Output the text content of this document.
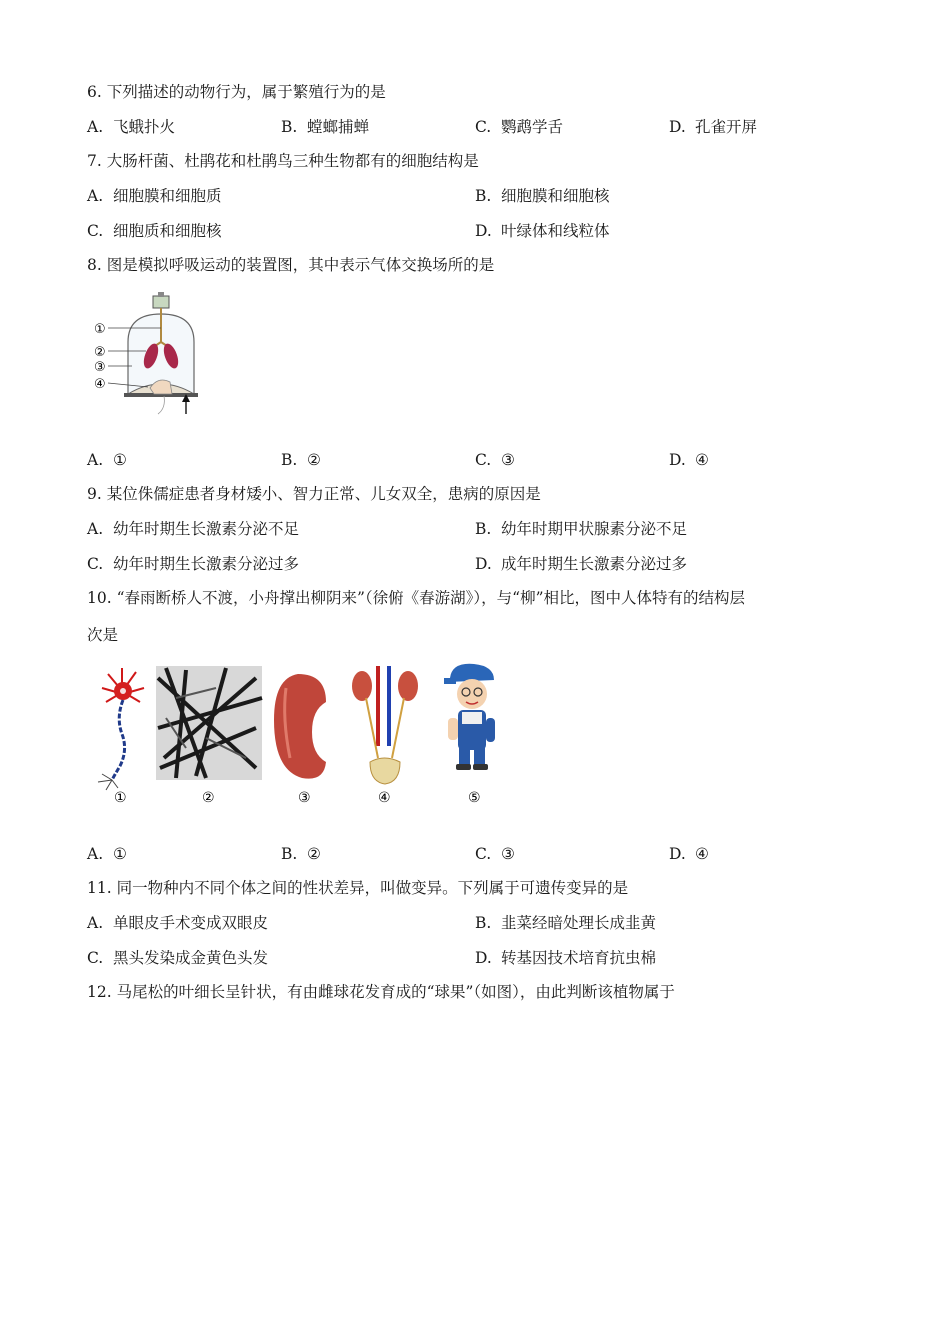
6. 下列描述的动物行为，属于繁殖行为的是
A. 飞蛾扑火	B. 螳螂捕蝉	C. 鹦鹉学舌	D. 孔雀开屏
7. 大肠杆菌、杜鹃花和杜鹃鸟三种生物都有的细胞结构是
A. 细胞膜和细胞质	B. 细胞膜和细胞核
C. 细胞质和细胞核	D. 叶绿体和线粒体
8. 图是模拟呼吸运动的装置图，其中表示气体交换场所的是
①
②
③
④
A. ①	B. ②	C. ③	D. ④
9. 某位侏儒症患者身材矮小、智力正常、儿女双全，患病的原因是
A. 幼年时期生长激素分泌不足	B. 幼年时期甲状腺素分泌不足
C. 幼年时期生长激素分泌过多	D. 成年时期生长激素分泌过多
10. “春雨断桥人不渡，小舟撑出柳阴来”（徐俯《春游湖》），与“柳”相比，图中人体特有的结构层
次是
①	②	③	④	⑤
A. ①	B. ②	C. ③	D. ④
11. 同一物种内不同个体之间的性状差异，叫做变异。下列属于可遗传变异的是
A. 单眼皮手术变成双眼皮	B. 韭菜经暗处理长成韭黄
C. 黑头发染成金黄色头发	D. 转基因技术培育抗虫棉
12. 马尾松的叶细长呈针状，有由雌球花发育成的“球果”（如图），由此判断该植物属于
